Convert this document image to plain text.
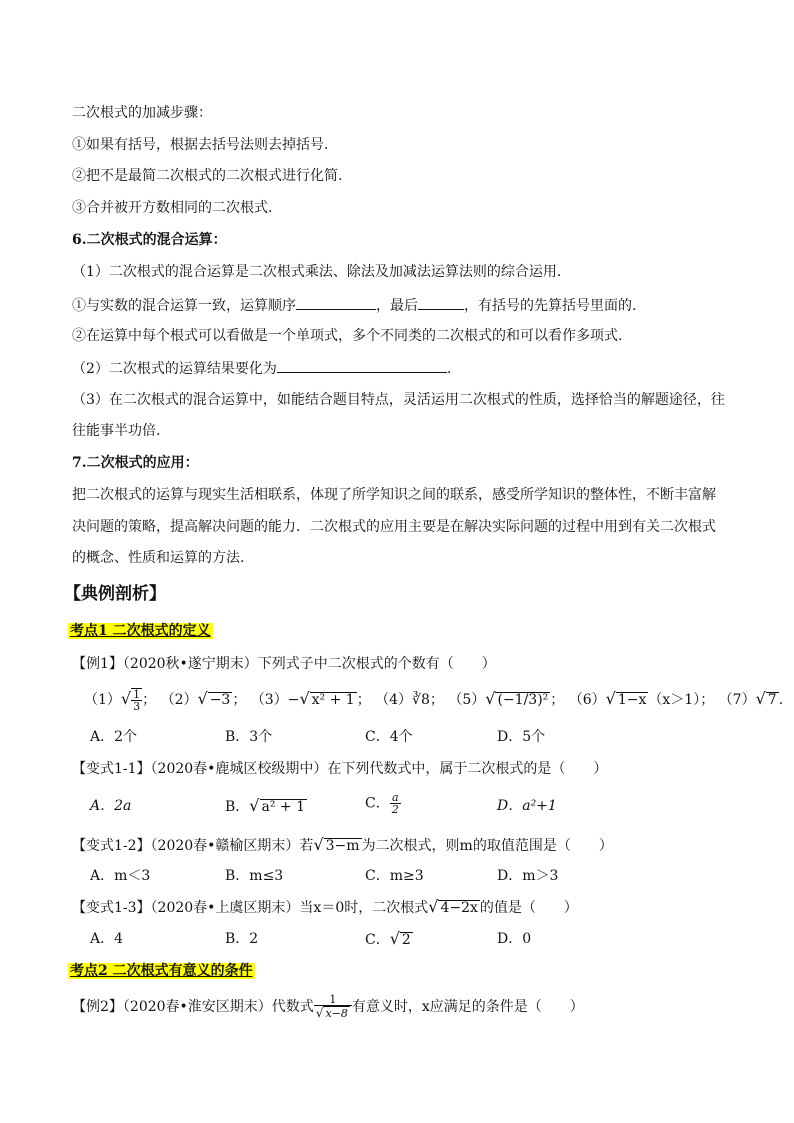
二次根式的加减步骤：
①如果有括号，根据去括号法则去掉括号.
②把不是最简二次根式的二次根式进行化简.
③合并被开方数相同的二次根式.
6.二次根式的混合运算：
（1）二次根式的混合运算是二次根式乘法、除法及加减法运算法则的综合运用.
①与实数的混合运算一致，运算顺序	，最后	，有括号的先算括号里面的.
②在运算中每个根式可以看做是一个单项式，多个不同类的二次根式的和可以看作多项式.
（2）二次根式的运算结果要化为	.
（3）在二次根式的混合运算中，如能结合题目特点，灵活运用二次根式的性质，选择恰当的解题途径，往
往能事半功倍.
7.二次根式的应用：
把二次根式的运算与现实生活相联系，体现了所学知识之间的联系，感受所学知识的整体性，不断丰富解
决问题的策略，提高解决问题的能力．二次根式的应用主要是在解决实际问题的过程中用到有关二次根式
的概念、性质和运算的方法.
【典例剖析】
考点1 二次根式的定义
【例1】（2020秋•遂宁期末）下列式子中二次根式的个数有（　　）
$(1)√ \frac{1}{3}$ ； （2）√ −3 ； （3）−√ x² + 1 ； （4）∛8； （5）√ (−1/3)² ； （6）√ 1−x （x＞1）； （7）√ 7 .
A．2个	B．3个	C．4个	D．5个
【变式1-1】（2020春•鹿城区校级期中）在下列代数式中，属于二次根式的是（　　）
A．2a	B．√ a² + 1	C． $\frac{a}{2}$	D．a²+1
【变式1-2】（2020春•赣榆区期末）若√ 3−m 为二次根式，则m的取值范围是（　　）
A．m＜3	B．m≤3	C．m≥3	D．m＞3
【变式1-3】（2020春•上虞区期末）当x＝0时，二次根式√ 4−2x 的值是（　　）
A．4	B．2	C．√ 2	D．0
考点2 二次根式有意义的条件
【例2】（2020春•淮安区期末）代数式 $\frac{1}{√ x-8}$ 有意义时，x应满足的条件是（　　）
